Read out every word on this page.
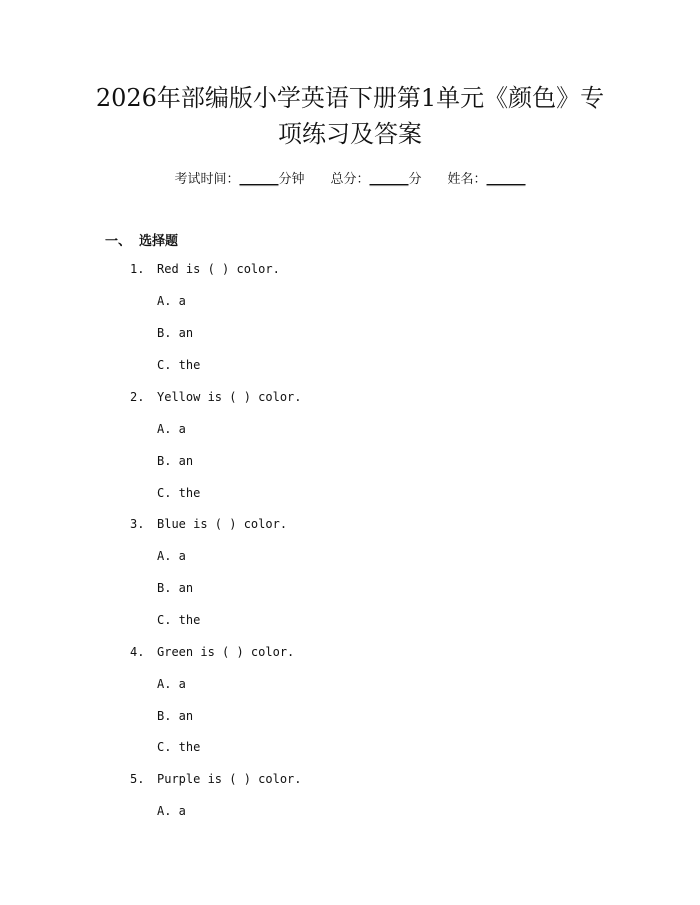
2026年部编版小学英语下册第1单元《颜色》专项练习及答案
考试时间：______分钟 总分：______分 姓名：______
一、 选择题
1. Red is ( ) color.
A. a
B. an
C. the
2. Yellow is ( ) color.
A. a
B. an
C. the
3. Blue is ( ) color.
A. a
B. an
C. the
4. Green is ( ) color.
A. a
B. an
C. the
5. Purple is ( ) color.
A. a
